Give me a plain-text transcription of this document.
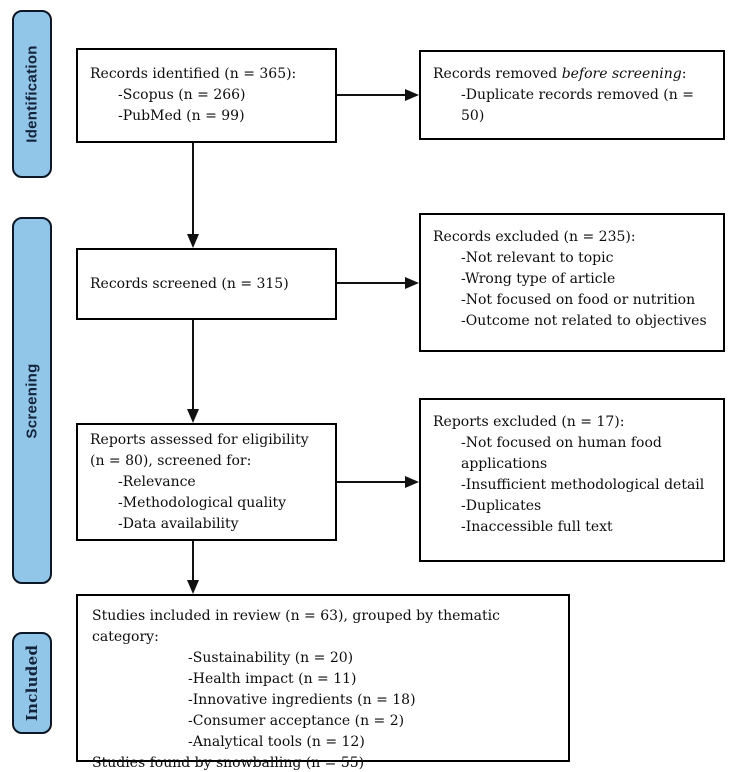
Identification
Screening
Included
Records identified (n = 365):
-Scopus (n = 266)
-PubMed (n = 99)
Records removed before screening:
-Duplicate records removed (n = 50)
Records screened (n = 315)
Records excluded (n = 235):
-Not relevant to topic
-Wrong type of article
-Not focused on food or nutrition
-Outcome not related to objectives
Reports assessed for eligibility
(n = 80), screened for:
-Relevance
-Methodological quality
-Data availability
Reports excluded (n = 17):
-Not focused on human food applications
-Insufficient methodological detail
-Duplicates
-Inaccessible full text
Studies included in review (n = 63), grouped by thematic category:
-Sustainability (n = 20)
-Health impact (n = 11)
-Innovative ingredients (n = 18)
-Consumer acceptance (n = 2)
-Analytical tools (n = 12)
Studies found by snowballing (n = 55)
